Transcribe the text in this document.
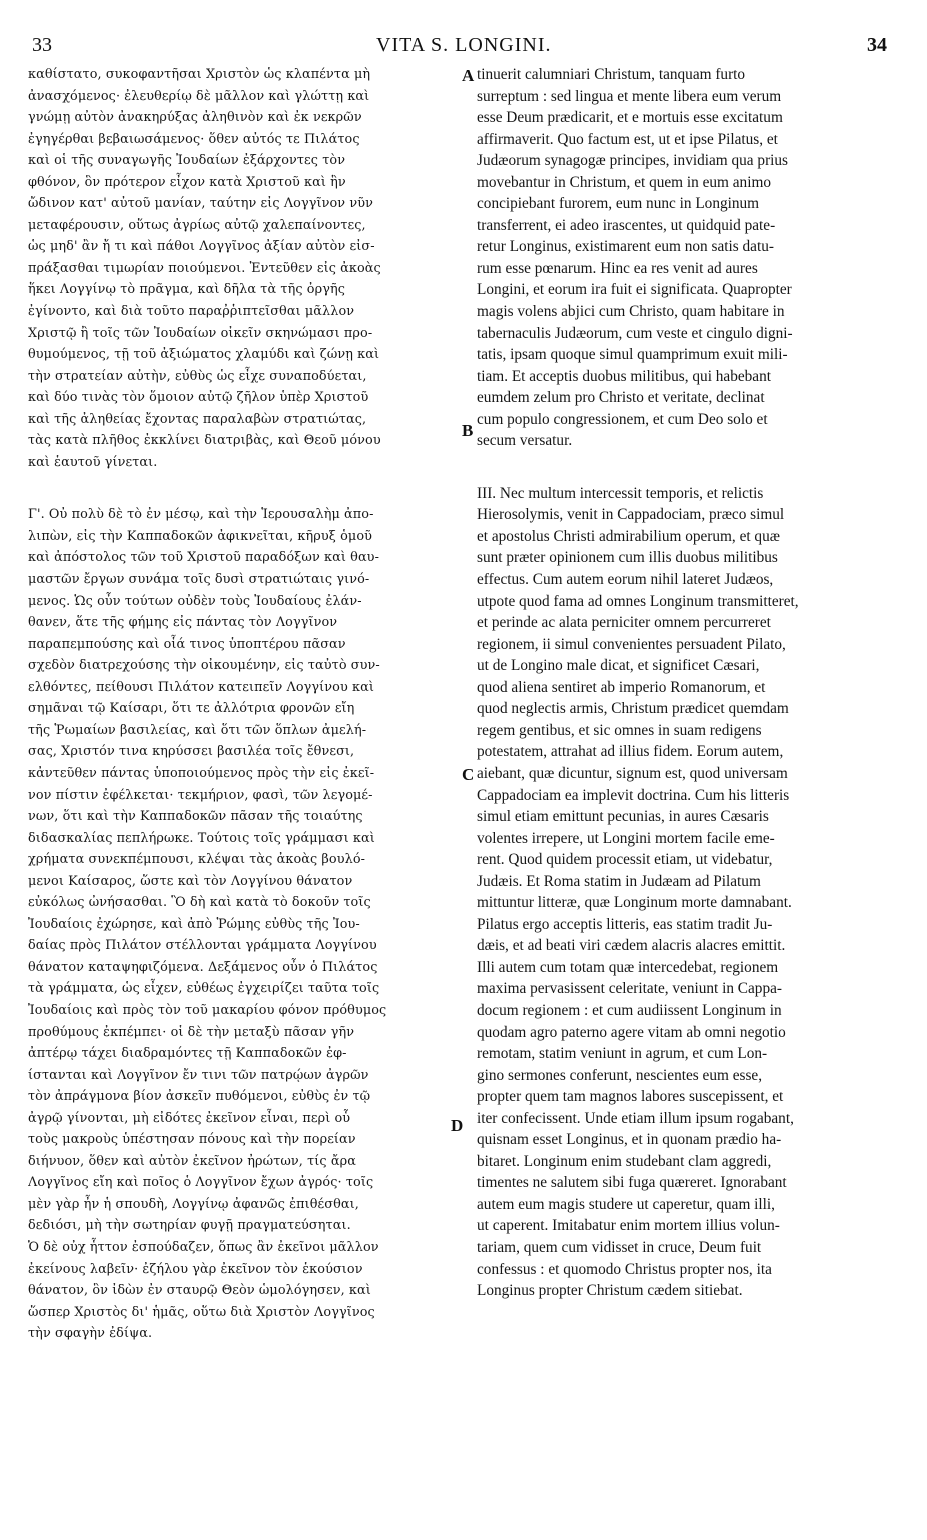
33	VITA S. LONGINI.	34
καθίστατο, συκοφαντῆσαι Χριστὸν ὡς κλαπέντα μὴ
ἀνασχόμενος· ἐλευθερίῳ δὲ μᾶλλον καὶ γλώττῃ καὶ
γνώμῃ αὐτὸν ἀνακηρύξας ἀληθινὸν καὶ ἐκ νεκρῶν
ἐγηγέρθαι βεβαιωσάμενος· ὅθεν αὐτός τε Πιλάτος
καὶ οἱ τῆς συναγωγῆς Ἰουδαίων ἐξάρχοντες τὸν
φθόνον, ὃν πρότερον εἶχον κατὰ Χριστοῦ καὶ ἣν
ὤδινον κατ' αὐτοῦ μανίαν, ταύτην εἰς Λογγῖνον νῦν
μεταφέρουσιν, οὕτως ἀγρίως αὐτῷ χαλεπαίνοντες,
ὡς μηδ' ἂν ἤ τι καὶ πάθοι Λογγῖνος ἀξίαν αὐτὸν εἰσ-
πράξασθαι τιμωρίαν ποιούμενοι. Ἐντεῦθεν εἰς ἀκοὰς
ἥκει Λογγίνῳ τὸ πρᾶγμα, καὶ δῆλα τὰ τῆς ὀργῆς
ἐγίνοντο, καὶ διὰ τοῦτο παραῤῥιπτεῖσθαι μᾶλλον
Χριστῷ ἢ τοῖς τῶν Ἰουδαίων οἰκεῖν σκηνώμασι προ-
θυμούμενος, τῇ τοῦ ἀξιώματος χλαμύδι καὶ ζώνῃ καὶ
τὴν στρατείαν αὐτὴν, εὐθὺς ὡς εἶχε συναποδύεται,
καὶ δύο τινὰς τὸν ὅμοιον αὐτῷ ζῆλον ὑπὲρ Χριστοῦ
καὶ τῆς ἀληθείας ἔχοντας παραλαβὼν στρατιώτας,
τὰς κατὰ πλῆθος ἐκκλίνει διατριβὰς, καὶ Θεοῦ μόνου
καὶ ἑαυτοῦ γίνεται.
Γ'. Οὐ πολὺ δὲ τὸ ἐν μέσῳ, καὶ τὴν Ἱερουσαλὴμ ἀπο-
λιπὼν, εἰς τὴν Καππαδοκῶν ἀφικνεῖται, κῆρυξ ὁμοῦ
καὶ ἀπόστολος τῶν τοῦ Χριστοῦ παραδόξων καὶ θαυ-
μαστῶν ἔργων συνάμα τοῖς δυσὶ στρατιώταις γινό-
μενος. Ὡς οὖν τούτων οὐδὲν τοὺς Ἰουδαίους ἐλάν-
θανεν, ἅτε τῆς φήμης εἰς πάντας τὸν Λογγῖνον
παραπεμπούσης καὶ οἷά τινος ὑποπτέρου πᾶσαν
σχεδὸν διατρεχούσης τὴν οἰκουμένην, εἰς ταὐτὸ συν-
ελθόντες, πείθουσι Πιλάτον κατειπεῖν Λογγίνου καὶ
σημᾶναι τῷ Καίσαρι, ὅτι τε ἀλλότρια φρονῶν εἴη
τῆς Ῥωμαίων βασιλείας, καὶ ὅτι τῶν ὅπλων ἀμελή-
σας, Χριστόν τινα κηρύσσει βασιλέα τοῖς ἔθνεσι,
κἀντεῦθεν πάντας ὑποποιούμενος πρὸς τὴν εἰς ἐκεῖ-
νον πίστιν ἐφέλκεται· τεκμήριον, φασὶ, τῶν λεγομέ-
νων, ὅτι καὶ τὴν Καππαδοκῶν πᾶσαν τῆς τοιαύτης
διδασκαλίας πεπλήρωκε. Τούτοις τοῖς γράμμασι καὶ
χρήματα συνεκπέμπουσι, κλέψαι τὰς ἀκοὰς βουλό-
μενοι Καίσαρος, ὥστε καὶ τὸν Λογγίνου θάνατον
εὐκόλως ὠνήσασθαι. Ὃ δὴ καὶ κατὰ τὸ δοκοῦν τοῖς
Ἰουδαίοις ἐχώρησε, καὶ ἀπὸ Ῥώμης εὐθὺς τῆς Ἰου-
δαίας πρὸς Πιλάτον στέλλονται γράμματα Λογγίνου
θάνατον καταψηφιζόμενα. Δεξάμενος οὖν ὁ Πιλάτος
τὰ γράμματα, ὡς εἶχεν, εὐθέως ἐγχειρίζει ταῦτα τοῖς
Ἰουδαίοις καὶ πρὸς τὸν τοῦ μακαρίου φόνον πρόθυμος
προθύμους ἐκπέμπει· οἱ δὲ τὴν μεταξὺ πᾶσαν γῆν
ἀπτέρῳ τάχει διαδραμόντες τῇ Καππαδοκῶν ἐφ-
ίστανται καὶ Λογγῖνον ἔν τινι τῶν πατρῴων ἀγρῶν
τὸν ἀπράγμονα βίον ἀσκεῖν πυθόμενοι, εὐθὺς ἐν τῷ
ἀγρῷ γίνονται, μὴ εἰδότες ἐκεῖνον εἶναι, περὶ οὗ
τοὺς μακροὺς ὑπέστησαν πόνους καὶ τὴν πορείαν
διήνυον, ὅθεν καὶ αὐτὸν ἐκεῖνον ἠρώτων, τίς ἄρα
Λογγῖνος εἴη καὶ ποῖος ὁ Λογγῖνον ἔχων ἀγρός· τοῖς
μὲν γὰρ ἦν ἡ σπουδὴ, Λογγίνῳ ἀφανῶς ἐπιθέσθαι,
δεδιόσι, μὴ τὴν σωτηρίαν φυγῇ πραγματεύσηται.
Ὁ δὲ οὐχ ἧττον ἐσπούδαζεν, ὅπως ἂν ἐκεῖνοι μᾶλλον
ἐκείνους λαβεῖν· ἐζήλου γὰρ ἐκεῖνον τὸν ἑκούσιον
θάνατον, ὃν ἰδὼν ἐν σταυρῷ Θεὸν ὡμολόγησεν, καὶ
ὥσπερ Χριστὸς δι' ἡμᾶς, οὕτω διὰ Χριστὸν Λογγῖνος
τὴν σφαγὴν ἐδίψα.
tinuerit calumniari Christum, tanquam furto
surreptum : sed lingua et mente libera eum verum
esse Deum prædicarit, et e mortuis esse excitatum
affirmaverit. Quo factum est, ut et ipse Pilatus, et
Judæorum synagogæ principes, invidiam qua prius
movebantur in Christum, et quem in eum animo
concipiebant furorem, eum nunc in Longinum
transferrent, ei adeo irascentes, ut quidquid pate-
retur Longinus, existimarent eum non satis datu-
rum esse pœnarum. Hinc ea res venit ad aures
Longini, et eorum ira fuit ei significata. Quapropter
magis volens abjici cum Christo, quam habitare in
tabernaculis Judæorum, cum veste et cingulo digni-
tatis, ipsam quoque simul quamprimum exuit mili-
tiam. Et acceptis duobus militibus, qui habebant
eumdem zelum pro Christo et veritate, declinat
cum populo congressionem, et cum Deo solo et
secum versatur.
III. Nec multum intercessit temporis, et relictis
Hierosolymis, venit in Cappadociam, præco simul
et apostolus Christi admirabilium operum, et quæ
sunt præter opinionem cum illis duobus militibus
effectus. Cum autem eorum nihil lateret Judæos,
utpote quod fama ad omnes Longinum transmitteret,
et perinde ac alata perniciter omnem percurreret
regionem, ii simul convenientes persuadent Pilato,
ut de Longino male dicat, et significet Cæsari,
quod aliena sentiret ab imperio Romanorum, et
quod neglectis armis, Christum prædicet quemdam
regem gentibus, et sic omnes in suam redigens
potestatem, attrahat ad illius fidem. Eorum autem,
aiebant, quæ dicuntur, signum est, quod universam
Cappadociam ea implevit doctrina. Cum his litteris
simul etiam emittunt pecunias, in aures Cæsaris
volentes irrepere, ut Longini mortem facile eme-
rent. Quod quidem processit etiam, ut videbatur,
Judæis. Et Roma statim in Judæam ad Pilatum
mittuntur litteræ, quæ Longinum morte damnabant.
Pilatus ergo acceptis litteris, eas statim tradit Ju-
dæis, et ad beati viri cædem alacris alacres emittit.
Illi autem cum totam quæ intercedebat, regionem
maxima pervasissent celeritate, veniunt in Cappa-
docum regionem : et cum audiissent Longinum in
quodam agro paterno agere vitam ab omni negotio
remotam, statim veniunt in agrum, et cum Lon-
gino sermones conferunt, nescientes eum esse,
propter quem tam magnos labores suscepissent, et
iter confecissent. Unde etiam illum ipsum rogabant,
quisnam esset Longinus, et in quonam prædio ha-
bitaret. Longinum enim studebant clam aggredi,
timentes ne salutem sibi fuga quæreret. Ignorabant
autem eum magis studere ut caperetur, quam illi,
ut caperent. Imitabatur enim mortem illius volun-
tariam, quem cum vidisset in cruce, Deum fuit
confessus : et quomodo Christus propter nos, ita
Longinus propter Christum cædem sitiebat.
A
B
C
D
